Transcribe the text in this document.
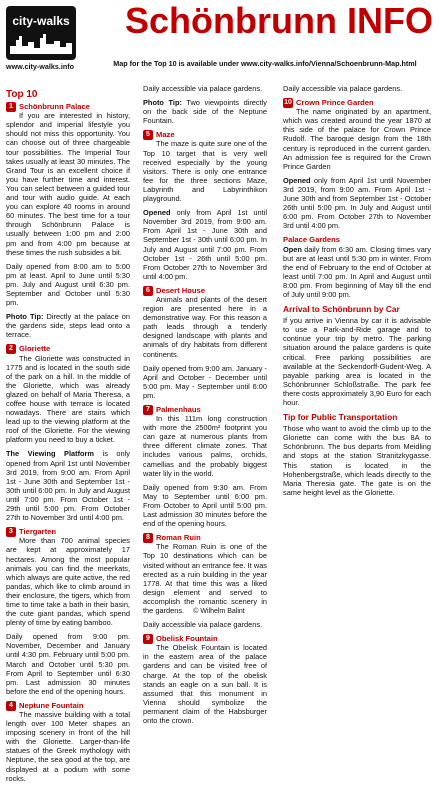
city-walks
www.city-walks.info
Schönbrunn INFO
Map for the Top 10 is available under www.city-walks.info/Vienna/Schoenbrunn-Map.html
Top 10
1 Schönbrunn Palace

If you are interested in history, splendor and imperial lifestyle you should not miss this opportunity. You can choose out of three chargeable tour possibilities. The Imperial Tour takes usually at least 30 minutes. The Grand Tour is an excellent choice if you have further time and interest. You can select between a guided tour and tour with audio guide. At each you can explore 40 rooms in around 60 minutes. The best time for a tour through Schönbrunn Palace is usually between 1:00 pm and 2:00 pm and from 4:00 pm because at these times the rush subsides a bit.

Daily opened from 8:00 am to 5:00 pm at least. April to June until 5:30 pm. July and August until 6:30 pm. September and October until 5:30 pm.

Photo Tip: Directly at the palace on the gardens side, steps lead onto a terrace.

2 Gloriette

The Gloriette was constructed in 1775 and is located in the south side of the park on a hill. In the middle of the Gloriette, which was already glazed on behalf of Maria Theresa, a coffee house with terrace is located nowadays. There are stairs which lead up to the viewing platform at the roof of the Gloriette. For the viewing platform you need to buy a ticket.

The Viewing Platform is only opened from April 1st until November 3rd 2019, from 9:00 am. From April 1st - June 30th and September 1st - 30th until 6:00 pm. In July and August until 7:00 pm. From October 1st - 29th until 5:00 pm. From October 27th to November 3rd until 4:00 pm.

3 Tiergarten

More than 700 animal species are kept at approximately 17 hectares. Among the most popular animals you can find the meerkats, which always are quite active, the red pandas, which like to climb around in their enclosure, the tigers, which from time to time take a bath in their basin, the cute giant pandas, which spend plenty of time by eating bamboo.

Daily opened from 9:00 pm. November, December and January until 4:30 pm. February until 5:00 pm. March and October until 5:30 pm. From April to September until 6:30 pm. Last admission 30 minutes before the end of the opening hours.

4 Neptune Fountain

The massive building with a total length over 100 Meter shapes an imposing scenery in front of the hill with the Gloriette. Larger-than-life statues of the Greek mythology with Neptune, the sea good at the top, are displayed at a podium with some rocks.

Daily accessible via palace gardens.

Photo Tip: Two viewpoints directly on the back side of the Neptune Fountain.

5 Maze

The maze is quite sure one of the Top 10 target that is very well received especially by the young visitors. There is only one entrance fee for the three sections Maze, Labyrinth and Labyrinthikon playground.

Opened only from April 1st until November 3rd 2019, from 9:00 am. From April 1st - June 30th and September 1st - 30th until 6:00 pm. In July and August until 7:00 pm. From October 1st - 26th until 5:00 pm. From October 27th to November 3rd until 4:00 pm.

6 Desert House

Animals and plants of the desert region are presented here in a demonstrative way. For this reason a path leads through a tenderly designed landscape with plants and animals of dry habitats from different continents.

Daily opened from 9:00 am. January - April and October - December until 5:00 pm. May - September until 6:00 pm.

7 Palmenhaus

In this 111m long construction with more the 2500m² footprint you can gaze at numerous plants from three different climate zones. That includes various palms, orchids, camellias and the probably biggest water lily in the world.

Daily opened from 9:30 am. From May to September until 6:00 pm. From October to April until 5:00 pm. Last admission 30 minutes before the end of the opening hours.

8 Roman Ruin

The Roman Ruin is one of the Top 10 destinations which can be visited without an entrance fee. It was erected as a ruin building in the year 1778. At that time this was a liked design element and served to accomplish the romantic scenery in the gardens.

Daily accessible via palace gardens.

9 Obelisk Fountain

The Obelisk Fountain is located in the eastern area of the palace gardens and can be visited free of charge. At the top of the obelisk stands an eagle on a sun ball. It is assumed that this monument in Vienna should symbolize the permanent claim of the Habsburger onto the crown.

Daily accessible via palace gardens.

10 Crown Prince Garden

The name originated by an apartment, which was created around the year 1870 at this side of the palace for Crown Prince Rudolf. The baroque design from the 18th century is reproduced in the current garden. An admission fee is required for the Crown Prince Garden

Opened only from April 1st until November 3rd 2019, from 9:00 am. From April 1st - June 30th and from September 1st - October 26th until 5:00 pm. In July and August until 6:00 pm. From October 27th to November 3rd until 4:00 pm.

Palace Gardens

Open daily from 6:30 am. Closing times vary but are at least until 5:30 pm in winter. From the end of February to the end of October at least until 7:00 pm. In April and August until 8:00 pm. From beginning of May till the end of July until 9:00 pm.

Arrival to Schönbrunn by Car

If you arrive in Vienna by car it is advisable to use a Park-and-Ride garage and to continue your trip by metro. The parking situation around the palace gardens is quite critical. Free parking possibilities are available at the Seckendorff-Gudent-Weg. A payable parking area is located in the Schönbrunner Schloßstraße. The park fee there costs approximately 3,90 Euro for each hour.

Tip for Public Transportation

Those who want to avoid the climb up to the Gloriette can come with the bus 8A to Schönbrunn. The bus departs from Meidling and stops at the station Stranitzkygasse. This station is located in the Hohenbergstraße, which leads directly to the Maria Theresia gate. The gate is on the same height level as the Gloriette.

© Wilhelm Balint
